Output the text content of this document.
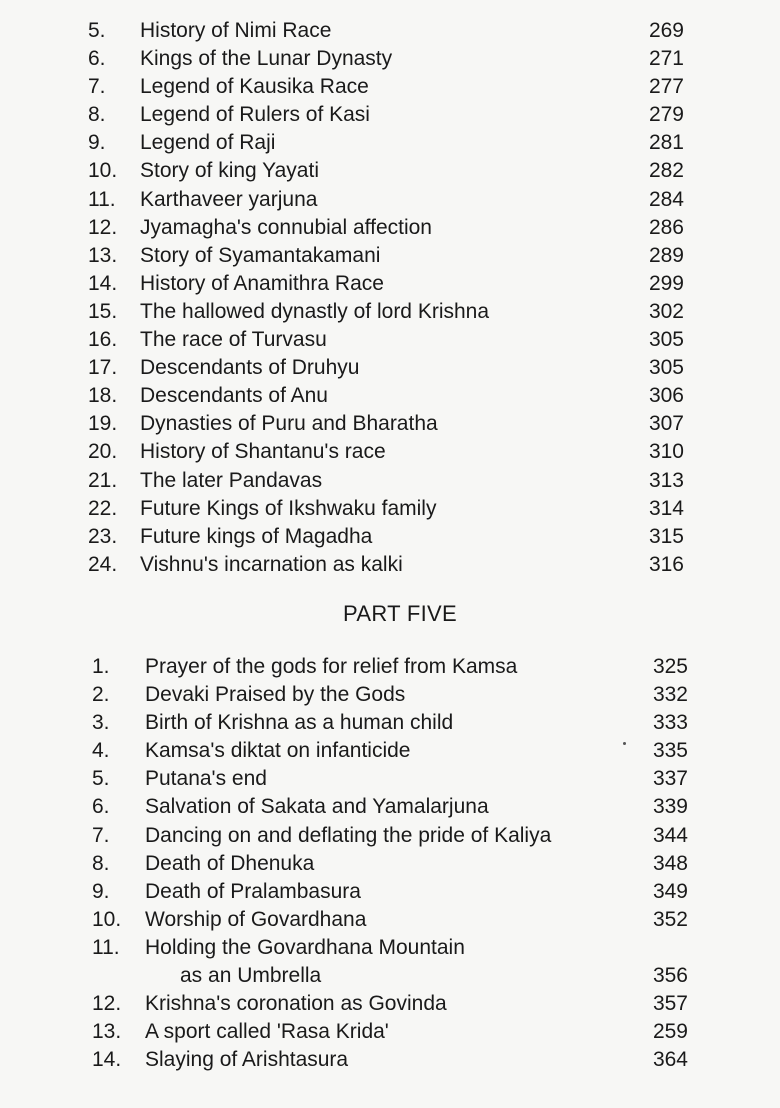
5. History of Nimi Race	269
6. Kings of the Lunar Dynasty	271
7. Legend of Kausika Race	277
8. Legend of Rulers of Kasi	279
9. Legend of Raji	281
10. Story of king Yayati	282
11. Karthaveer yarjuna	284
12. Jyamagha's connubial affection	286
13. Story of Syamantakamani	289
14. History of Anamithra Race	299
15. The hallowed dynastly of lord Krishna	302
16. The race of Turvasu	305
17. Descendants of Druhyu	305
18. Descendants of Anu	306
19. Dynasties of Puru and Bharatha	307
20. History of Shantanu's race	310
21. The later Pandavas	313
22. Future Kings of Ikshwaku family	314
23. Future kings of Magadha	315
24. Vishnu's incarnation as kalki	316
PART FIVE
1. Prayer of the gods for relief from Kamsa	325
2. Devaki Praised by the Gods	332
3. Birth of Krishna as a human child	333
4. Kamsa's diktat on infanticide	335
5. Putana's end	337
6. Salvation of Sakata and Yamalarjuna	339
7. Dancing on and deflating the pride of Kaliya	344
8. Death of Dhenuka	348
9. Death of Pralambasura	349
10. Worship of Govardhana	352
11. Holding the Govardhana Mountain
as an Umbrella	356
12. Krishna's coronation as Govinda	357
13. A sport called 'Rasa Krida'	259
14. Slaying of Arishtasura	364
